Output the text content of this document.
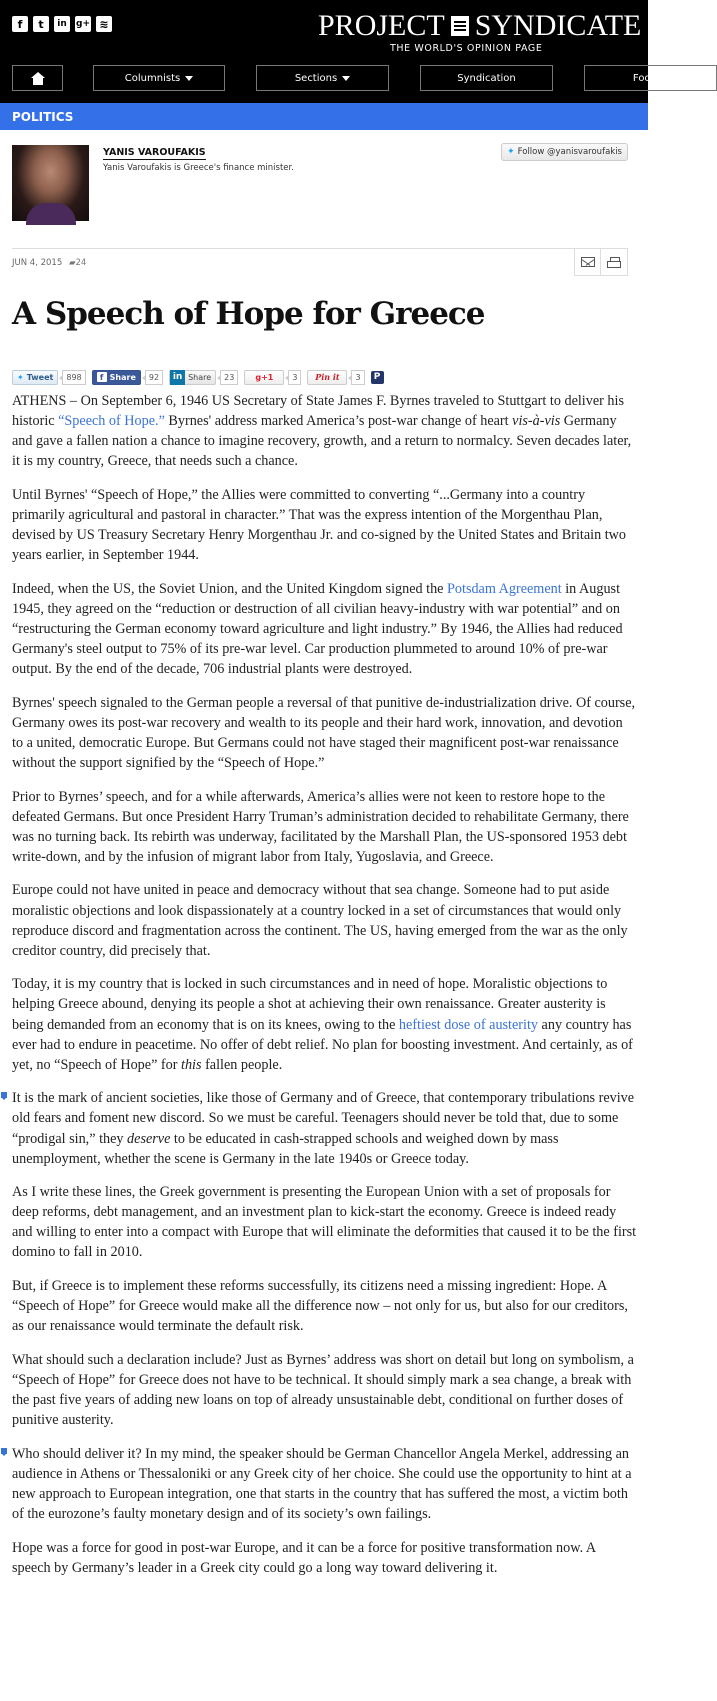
f	t	in	g+ ≋	PROJECT SYNDICATE
THE WORLD'S OPINION PAGE
Columnists	Sections	Syndication	Focal P
POLITICS
YANIS VAROUFAKIS
Yanis Varoufakis is Greece's finance minister.
✦ Follow @yanisvaroufakis
JUN 4, 2015 ▰24
A Speech of Hope for Greece
✦ Tweet	898	f Share	92	in Share	23	g+1	3	Pin it	3	P

ATHENS – On September 6, 1946 US Secretary of State James F. Byrnes traveled to Stuttgart to deliver his historic “Speech of Hope.” Byrnes' address marked America’s post-war change of heart vis-à-vis Germany and gave a fallen nation a chance to imagine recovery, growth, and a return to normalcy. Seven decades later, it is my country, Greece, that needs such a chance.

Until Byrnes' “Speech of Hope,” the Allies were committed to converting “...Germany into a country primarily agricultural and pastoral in character.” That was the express intention of the Morgenthau Plan, devised by US Treasury Secretary Henry Morgenthau Jr. and co-signed by the United States and Britain two years earlier, in September 1944.

Indeed, when the US, the Soviet Union, and the United Kingdom signed the Potsdam Agreement in August 1945, they agreed on the “reduction or destruction of all civilian heavy-industry with war potential” and on “restructuring the German economy toward agriculture and light industry.” By 1946, the Allies had reduced Germany's steel output to 75% of its pre-war level. Car production plummeted to around 10% of pre-war output. By the end of the decade, 706 industrial plants were destroyed.

Byrnes' speech signaled to the German people a reversal of that punitive de-industrialization drive. Of course, Germany owes its post-war recovery and wealth to its people and their hard work, innovation, and devotion to a united, democratic Europe. But Germans could not have staged their magnificent post-war renaissance without the support signified by the “Speech of Hope.”

Prior to Byrnes’ speech, and for a while afterwards, America’s allies were not keen to restore hope to the defeated Germans. But once President Harry Truman’s administration decided to rehabilitate Germany, there was no turning back. Its rebirth was underway, facilitated by the Marshall Plan, the US-sponsored 1953 debt write-down, and by the infusion of migrant labor from Italy, Yugoslavia, and Greece.

Europe could not have united in peace and democracy without that sea change. Someone had to put aside moralistic objections and look dispassionately at a country locked in a set of circumstances that would only reproduce discord and fragmentation across the continent. The US, having emerged from the war as the only creditor country, did precisely that.

Today, it is my country that is locked in such circumstances and in need of hope. Moralistic objections to helping Greece abound, denying its people a shot at achieving their own renaissance. Greater austerity is being demanded from an economy that is on its knees, owing to the heftiest dose of austerity any country has ever had to endure in peacetime. No offer of debt relief. No plan for boosting investment. And certainly, as of yet, no “Speech of Hope” for this fallen people.

It is the mark of ancient societies, like those of Germany and of Greece, that contemporary tribulations revive old fears and foment new discord. So we must be careful. Teenagers should never be told that, due to some “prodigal sin,” they deserve to be educated in cash-strapped schools and weighed down by mass unemployment, whether the scene is Germany in the late 1940s or Greece today.

As I write these lines, the Greek government is presenting the European Union with a set of proposals for deep reforms, debt management, and an investment plan to kick-start the economy. Greece is indeed ready and willing to enter into a compact with Europe that will eliminate the deformities that caused it to be the first domino to fall in 2010.

But, if Greece is to implement these reforms successfully, its citizens need a missing ingredient: Hope. A “Speech of Hope” for Greece would make all the difference now – not only for us, but also for our creditors, as our renaissance would terminate the default risk.

What should such a declaration include? Just as Byrnes’ address was short on detail but long on symbolism, a “Speech of Hope” for Greece does not have to be technical. It should simply mark a sea change, a break with the past five years of adding new loans on top of already unsustainable debt, conditional on further doses of punitive austerity.

Who should deliver it? In my mind, the speaker should be German Chancellor Angela Merkel, addressing an audience in Athens or Thessaloniki or any Greek city of her choice. She could use the opportunity to hint at a new approach to European integration, one that starts in the country that has suffered the most, a victim both of the eurozone’s faulty monetary design and of its society’s own failings.

Hope was a force for good in post-war Europe, and it can be a force for positive transformation now. A speech by Germany’s leader in a Greek city could go a long way toward delivering it.
